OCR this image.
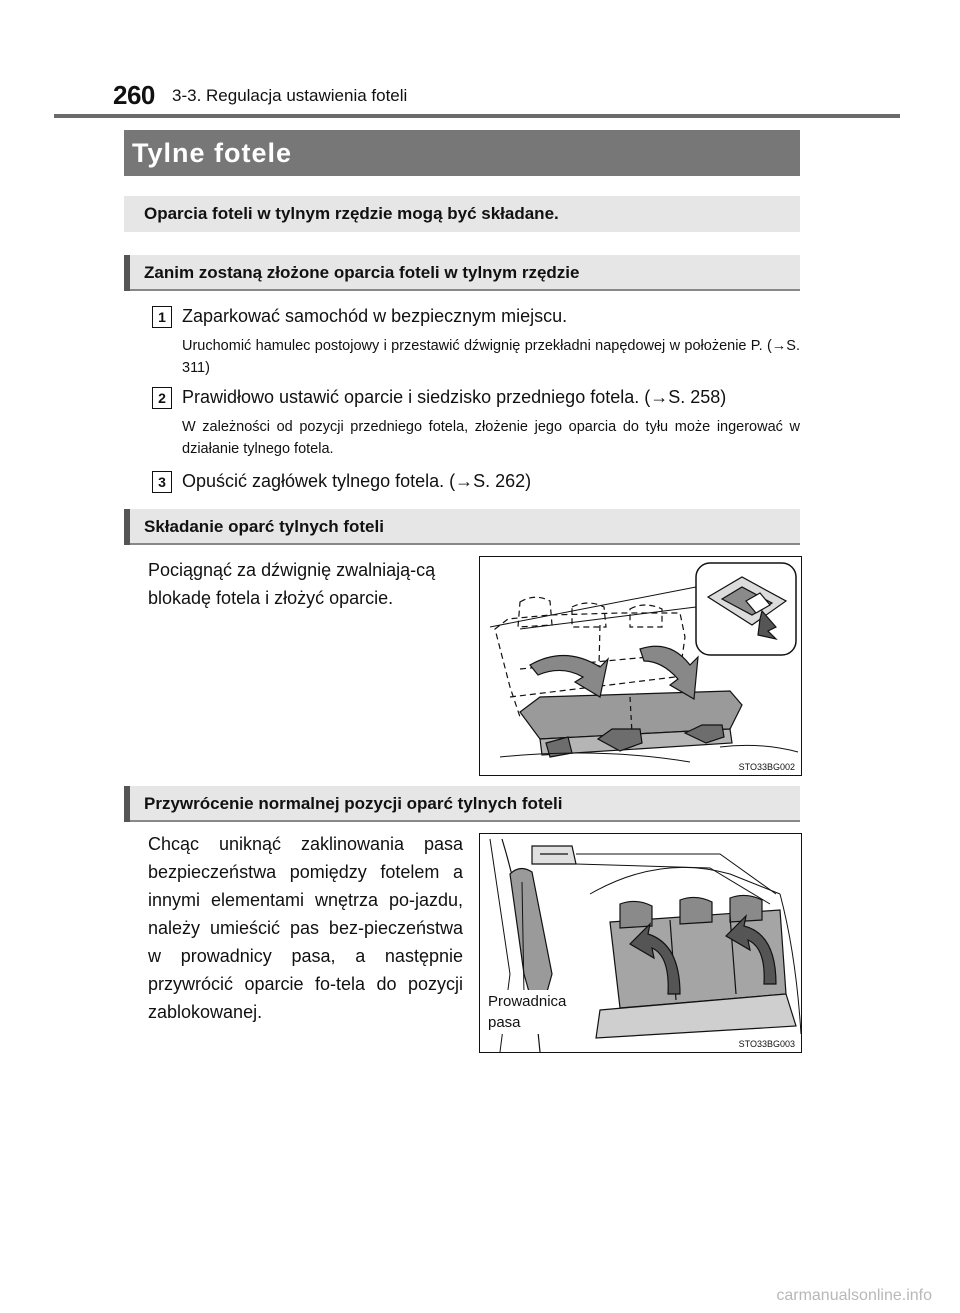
260 3-3. Regulacja ustawienia foteli
Tylne fotele
Oparcia foteli w tylnym rzędzie mogą być składane.
Zanim zostaną złożone oparcia foteli w tylnym rzędzie
1 Zaparkować samochód w bezpiecznym miejscu.
Uruchomić hamulec postojowy i przestawić dźwignię przekładni napędowej w położenie P. (→S. 311)
2 Prawidłowo ustawić oparcie i siedzisko przedniego fotela. (→S. 258)
W zależności od pozycji przedniego fotela, złożenie jego oparcia do tyłu może ingerować w działanie tylnego fotela.
3 Opuścić zagłówek tylnego fotela. (→S. 262)
Składanie oparć tylnych foteli
Pociągnąć za dźwignię zwalniają-cą blokadę fotela i złożyć oparcie.
STO33BG002
Przywrócenie normalnej pozycji oparć tylnych foteli
Chcąc uniknąć zaklinowania pasa bezpieczeństwa pomiędzy fotelem a innymi elementami wnętrza po-jazdu, należy umieścić pas bez-pieczeństwa w prowadnicy pasa, a następnie przywrócić oparcie fo-tela do pozycji zablokowanej.
Prowadnica pasa
STO33BG003
carmanualsonline.info
